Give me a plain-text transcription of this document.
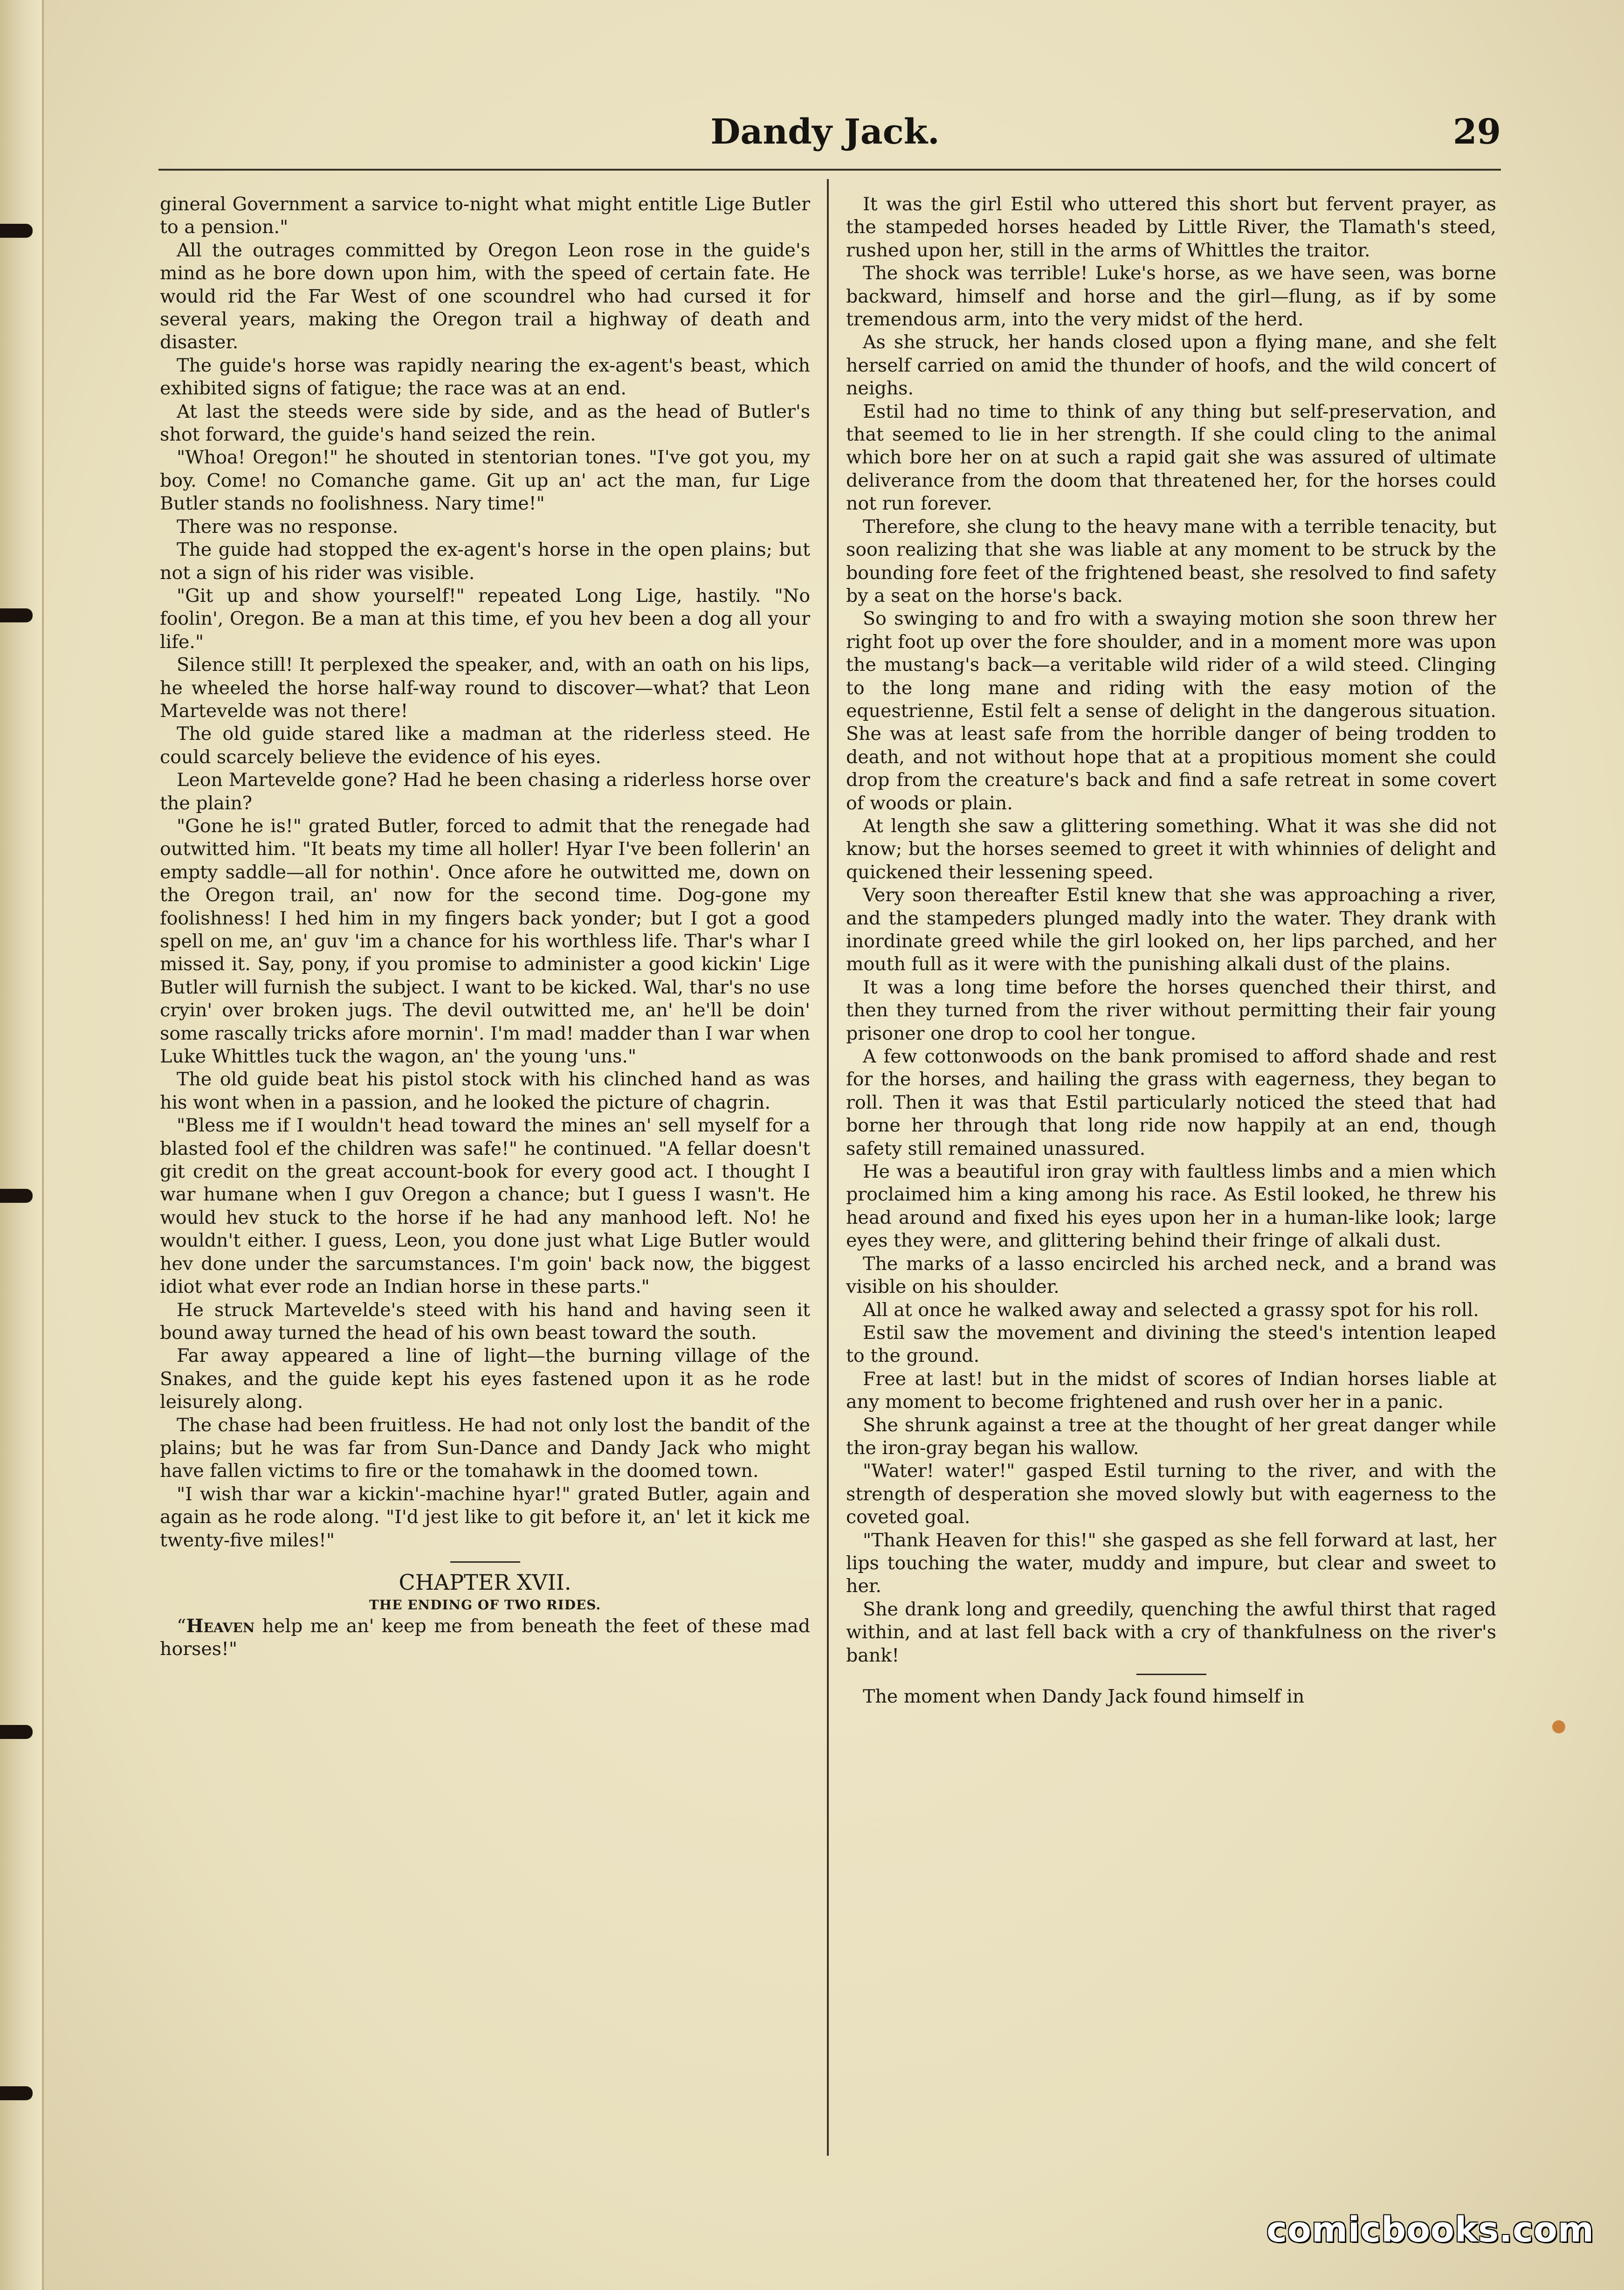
Dandy Jack.	29

gineral Government a sarvice to-night what might entitle Lige Butler to a pension."

All the outrages committed by Oregon Leon rose in the guide's mind as he bore down upon him, with the speed of certain fate. He would rid the Far West of one scoundrel who had cursed it for several years, making the Oregon trail a highway of death and disaster.

The guide's horse was rapidly nearing the ex-agent's beast, which exhibited signs of fatigue; the race was at an end.

At last the steeds were side by side, and as the head of Butler's shot forward, the guide's hand seized the rein.

"Whoa! Oregon!" he shouted in stentorian tones. "I've got you, my boy. Come! no Comanche game. Git up an' act the man, fur Lige Butler stands no foolishness. Nary time!"

There was no response.

The guide had stopped the ex-agent's horse in the open plains; but not a sign of his rider was visible.

"Git up and show yourself!" repeated Long Lige, hastily. "No foolin', Oregon. Be a man at this time, ef you hev been a dog all your life."

Silence still! It perplexed the speaker, and, with an oath on his lips, he wheeled the horse half-way round to discover—what? that Leon Martevelde was not there!

The old guide stared like a madman at the riderless steed. He could scarcely believe the evidence of his eyes.

Leon Martevelde gone? Had he been chasing a riderless horse over the plain?

"Gone he is!" grated Butler, forced to admit that the renegade had outwitted him. "It beats my time all holler! Hyar I've been follerin' an empty saddle—all for nothin'. Once afore he outwitted me, down on the Oregon trail, an' now for the second time. Dog-gone my foolishness! I hed him in my fingers back yonder; but I got a good spell on me, an' guv 'im a chance for his worthless life. Thar's whar I missed it. Say, pony, if you promise to administer a good kickin' Lige Butler will furnish the subject. I want to be kicked. Wal, thar's no use cryin' over broken jugs. The devil outwitted me, an' he'll be doin' some rascally tricks afore mornin'. I'm mad! madder than I war when Luke Whittles tuck the wagon, an' the young 'uns."

The old guide beat his pistol stock with his clinched hand as was his wont when in a passion, and he looked the picture of chagrin.

"Bless me if I wouldn't head toward the mines an' sell myself for a blasted fool ef the children was safe!" he continued. "A fellar doesn't git credit on the great account-book for every good act. I thought I war humane when I guv Oregon a chance; but I guess I wasn't. He would hev stuck to the horse if he had any manhood left. No! he wouldn't either. I guess, Leon, you done just what Lige Butler would hev done under the sarcumstances. I'm goin' back now, the biggest idiot what ever rode an Indian horse in these parts."

He struck Martevelde's steed with his hand and having seen it bound away turned the head of his own beast toward the south.

Far away appeared a line of light—the burning village of the Snakes, and the guide kept his eyes fastened upon it as he rode leisurely along.

The chase had been fruitless. He had not only lost the bandit of the plains; but he was far from Sun-Dance and Dandy Jack who might have fallen victims to fire or the tomahawk in the doomed town.

"I wish thar war a kickin'-machine hyar!" grated Butler, again and again as he rode along. "I'd jest like to git before it, an' let it kick me twenty-five miles!"

CHAPTER XVII.

THE ENDING OF TWO RIDES.

“Heaven help me an' keep me from beneath the feet of these mad horses!"

It was the girl Estil who uttered this short but fervent prayer, as the stampeded horses headed by Little River, the Tlamath's steed, rushed upon her, still in the arms of Whittles the traitor.

The shock was terrible! Luke's horse, as we have seen, was borne backward, himself and horse and the girl—flung, as if by some tremendous arm, into the very midst of the herd.

As she struck, her hands closed upon a flying mane, and she felt herself carried on amid the thunder of hoofs, and the wild concert of neighs.

Estil had no time to think of any thing but self-preservation, and that seemed to lie in her strength. If she could cling to the animal which bore her on at such a rapid gait she was assured of ultimate deliverance from the doom that threatened her, for the horses could not run forever.

Therefore, she clung to the heavy mane with a terrible tenacity, but soon realizing that she was liable at any moment to be struck by the bounding fore feet of the frightened beast, she resolved to find safety by a seat on the horse's back.

So swinging to and fro with a swaying motion she soon threw her right foot up over the fore shoulder, and in a moment more was upon the mustang's back—a veritable wild rider of a wild steed. Clinging to the long mane and riding with the easy motion of the equestrienne, Estil felt a sense of delight in the dangerous situation. She was at least safe from the horrible danger of being trodden to death, and not without hope that at a propitious moment she could drop from the creature's back and find a safe retreat in some covert of woods or plain.

At length she saw a glittering something. What it was she did not know; but the horses seemed to greet it with whinnies of delight and quickened their lessening speed.

Very soon thereafter Estil knew that she was approaching a river, and the stampeders plunged madly into the water. They drank with inordinate greed while the girl looked on, her lips parched, and her mouth full as it were with the punishing alkali dust of the plains.

It was a long time before the horses quenched their thirst, and then they turned from the river without permitting their fair young prisoner one drop to cool her tongue.

A few cottonwoods on the bank promised to afford shade and rest for the horses, and hailing the grass with eagerness, they began to roll. Then it was that Estil particularly noticed the steed that had borne her through that long ride now happily at an end, though safety still remained unassured.

He was a beautiful iron gray with faultless limbs and a mien which proclaimed him a king among his race. As Estil looked, he threw his head around and fixed his eyes upon her in a human-like look; large eyes they were, and glittering behind their fringe of alkali dust.

The marks of a lasso encircled his arched neck, and a brand was visible on his shoulder.

All at once he walked away and selected a grassy spot for his roll.

Estil saw the movement and divining the steed's intention leaped to the ground.

Free at last! but in the midst of scores of Indian horses liable at any moment to become frightened and rush over her in a panic.

She shrunk against a tree at the thought of her great danger while the iron-gray began his wallow.

"Water! water!" gasped Estil turning to the river, and with the strength of desperation she moved slowly but with eagerness to the coveted goal.

"Thank Heaven for this!" she gasped as she fell forward at last, her lips touching the water, muddy and impure, but clear and sweet to her.

She drank long and greedily, quenching the awful thirst that raged within, and at last fell back with a cry of thankfulness on the river's bank!

The moment when Dandy Jack found himself in

comicbooks.com
